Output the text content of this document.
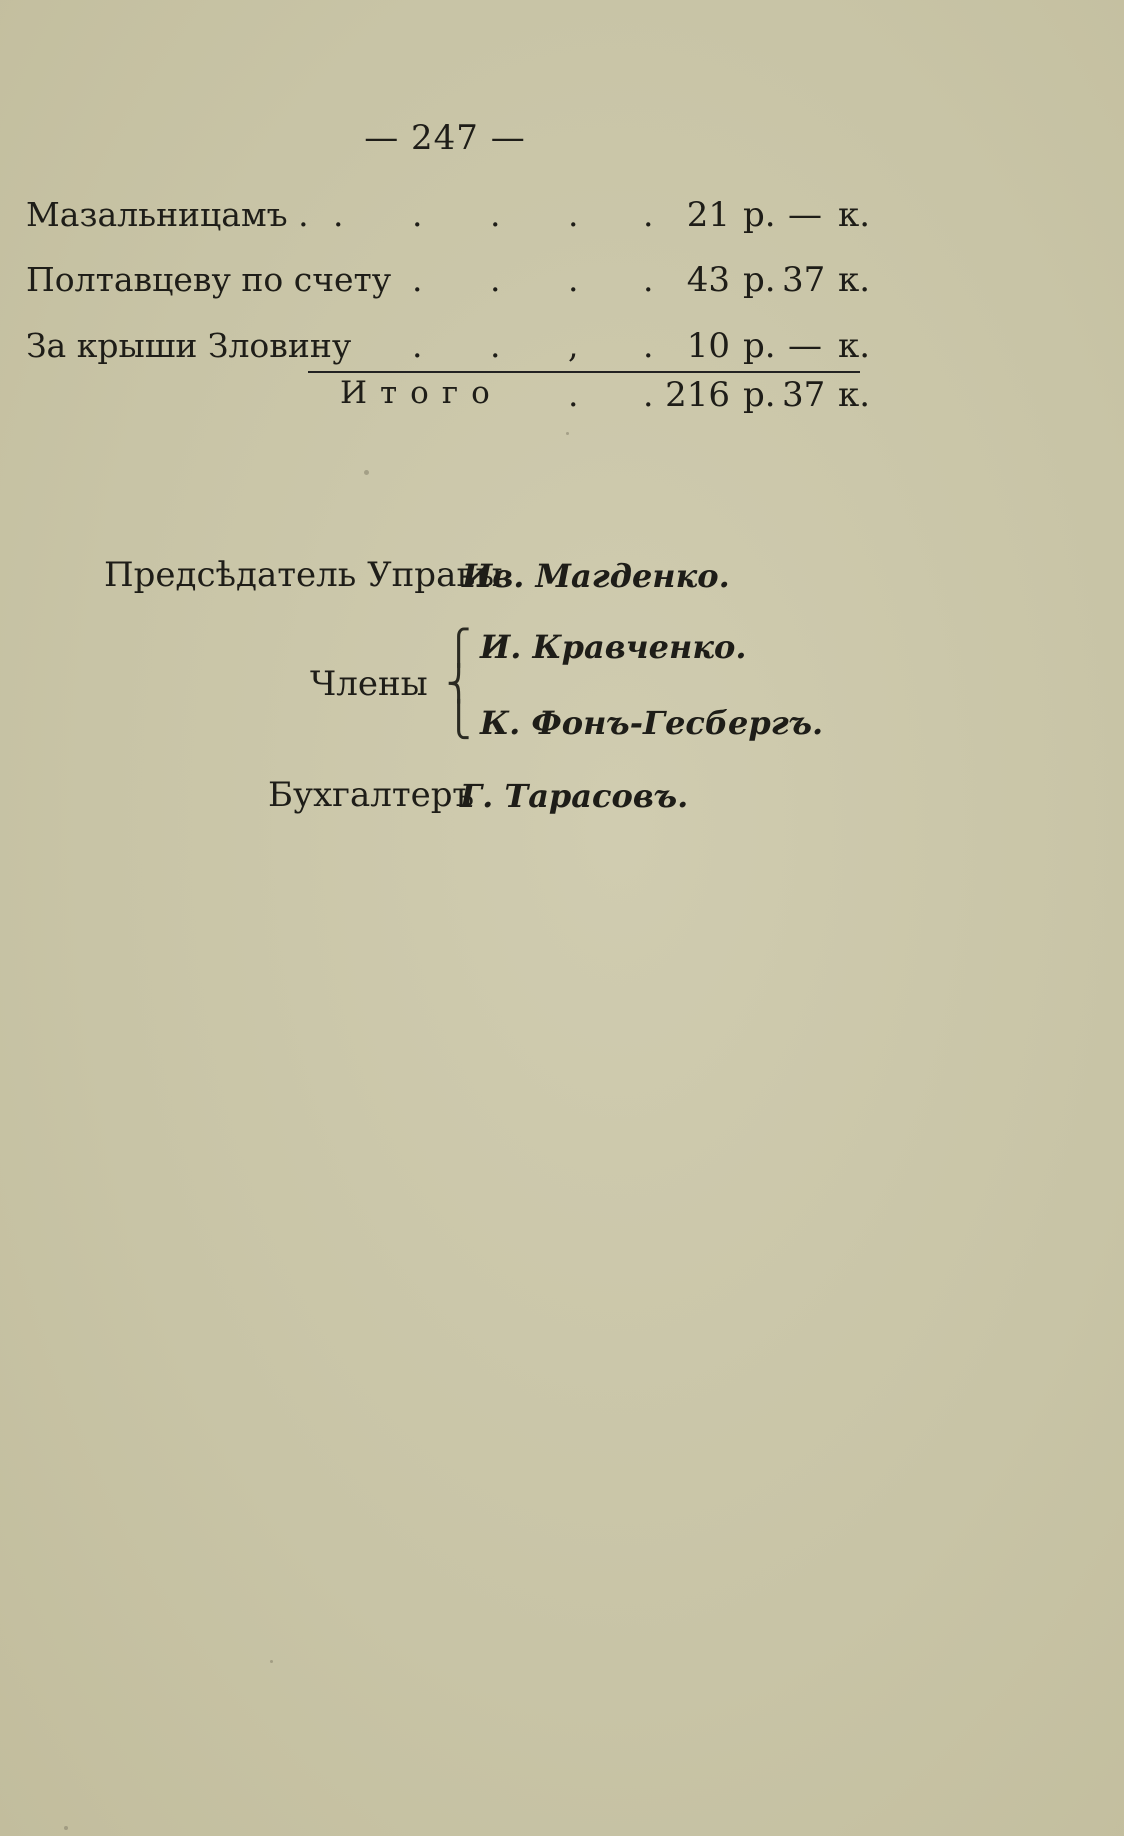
— 247 —
Мазальницамъ . . . . . . 21 р. — к.
Полтавцеву по счету . . . . 43 р. 37 к.
За крыши Зловину . . , . 10 р. — к.
Итого . . 216 р. 37 к.
Предсѣдатель Управы
Ив. Магденко.
⎧
⎨
⎩
Члены
И. Кравченко.
К. Фонъ-Гесбергъ.
Бухгалтеръ
Г. Тарасовъ.
